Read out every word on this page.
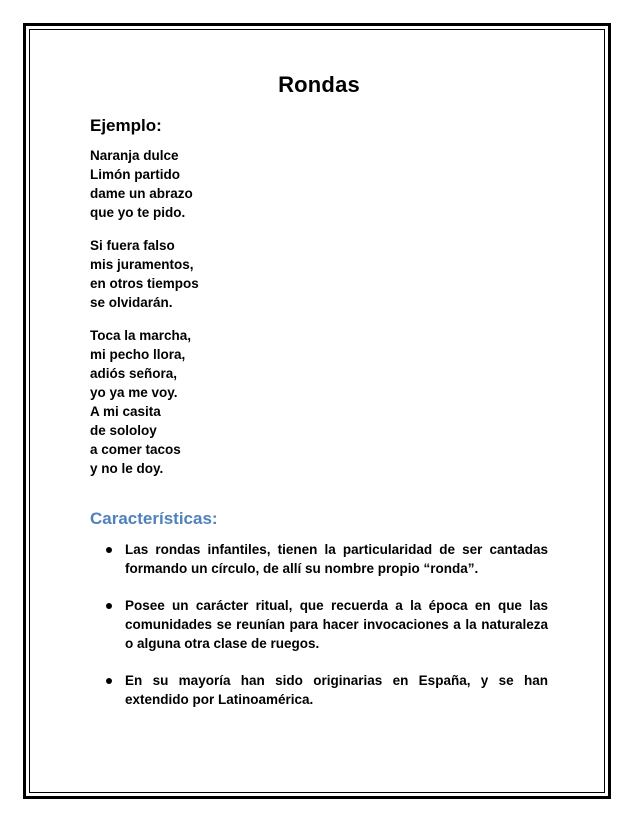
Rondas
Ejemplo:
Naranja dulce
Limón partido
dame un abrazo
que yo te pido.
Si fuera falso
mis juramentos,
en otros tiempos
se olvidarán.
Toca la marcha,
mi pecho llora,
adiós señora,
yo ya me voy.
A mi casita
de sololoy
a comer tacos
y no le doy.
Características:
Las rondas infantiles, tienen la particularidad de ser cantadas formando un círculo, de allí su nombre propio “ronda”.
Posee un carácter ritual, que recuerda a la época en que las comunidades se reunían para hacer invocaciones a la naturaleza o alguna otra clase de ruegos.
En su mayoría han sido originarias en España, y se han extendido por Latinoamérica.
